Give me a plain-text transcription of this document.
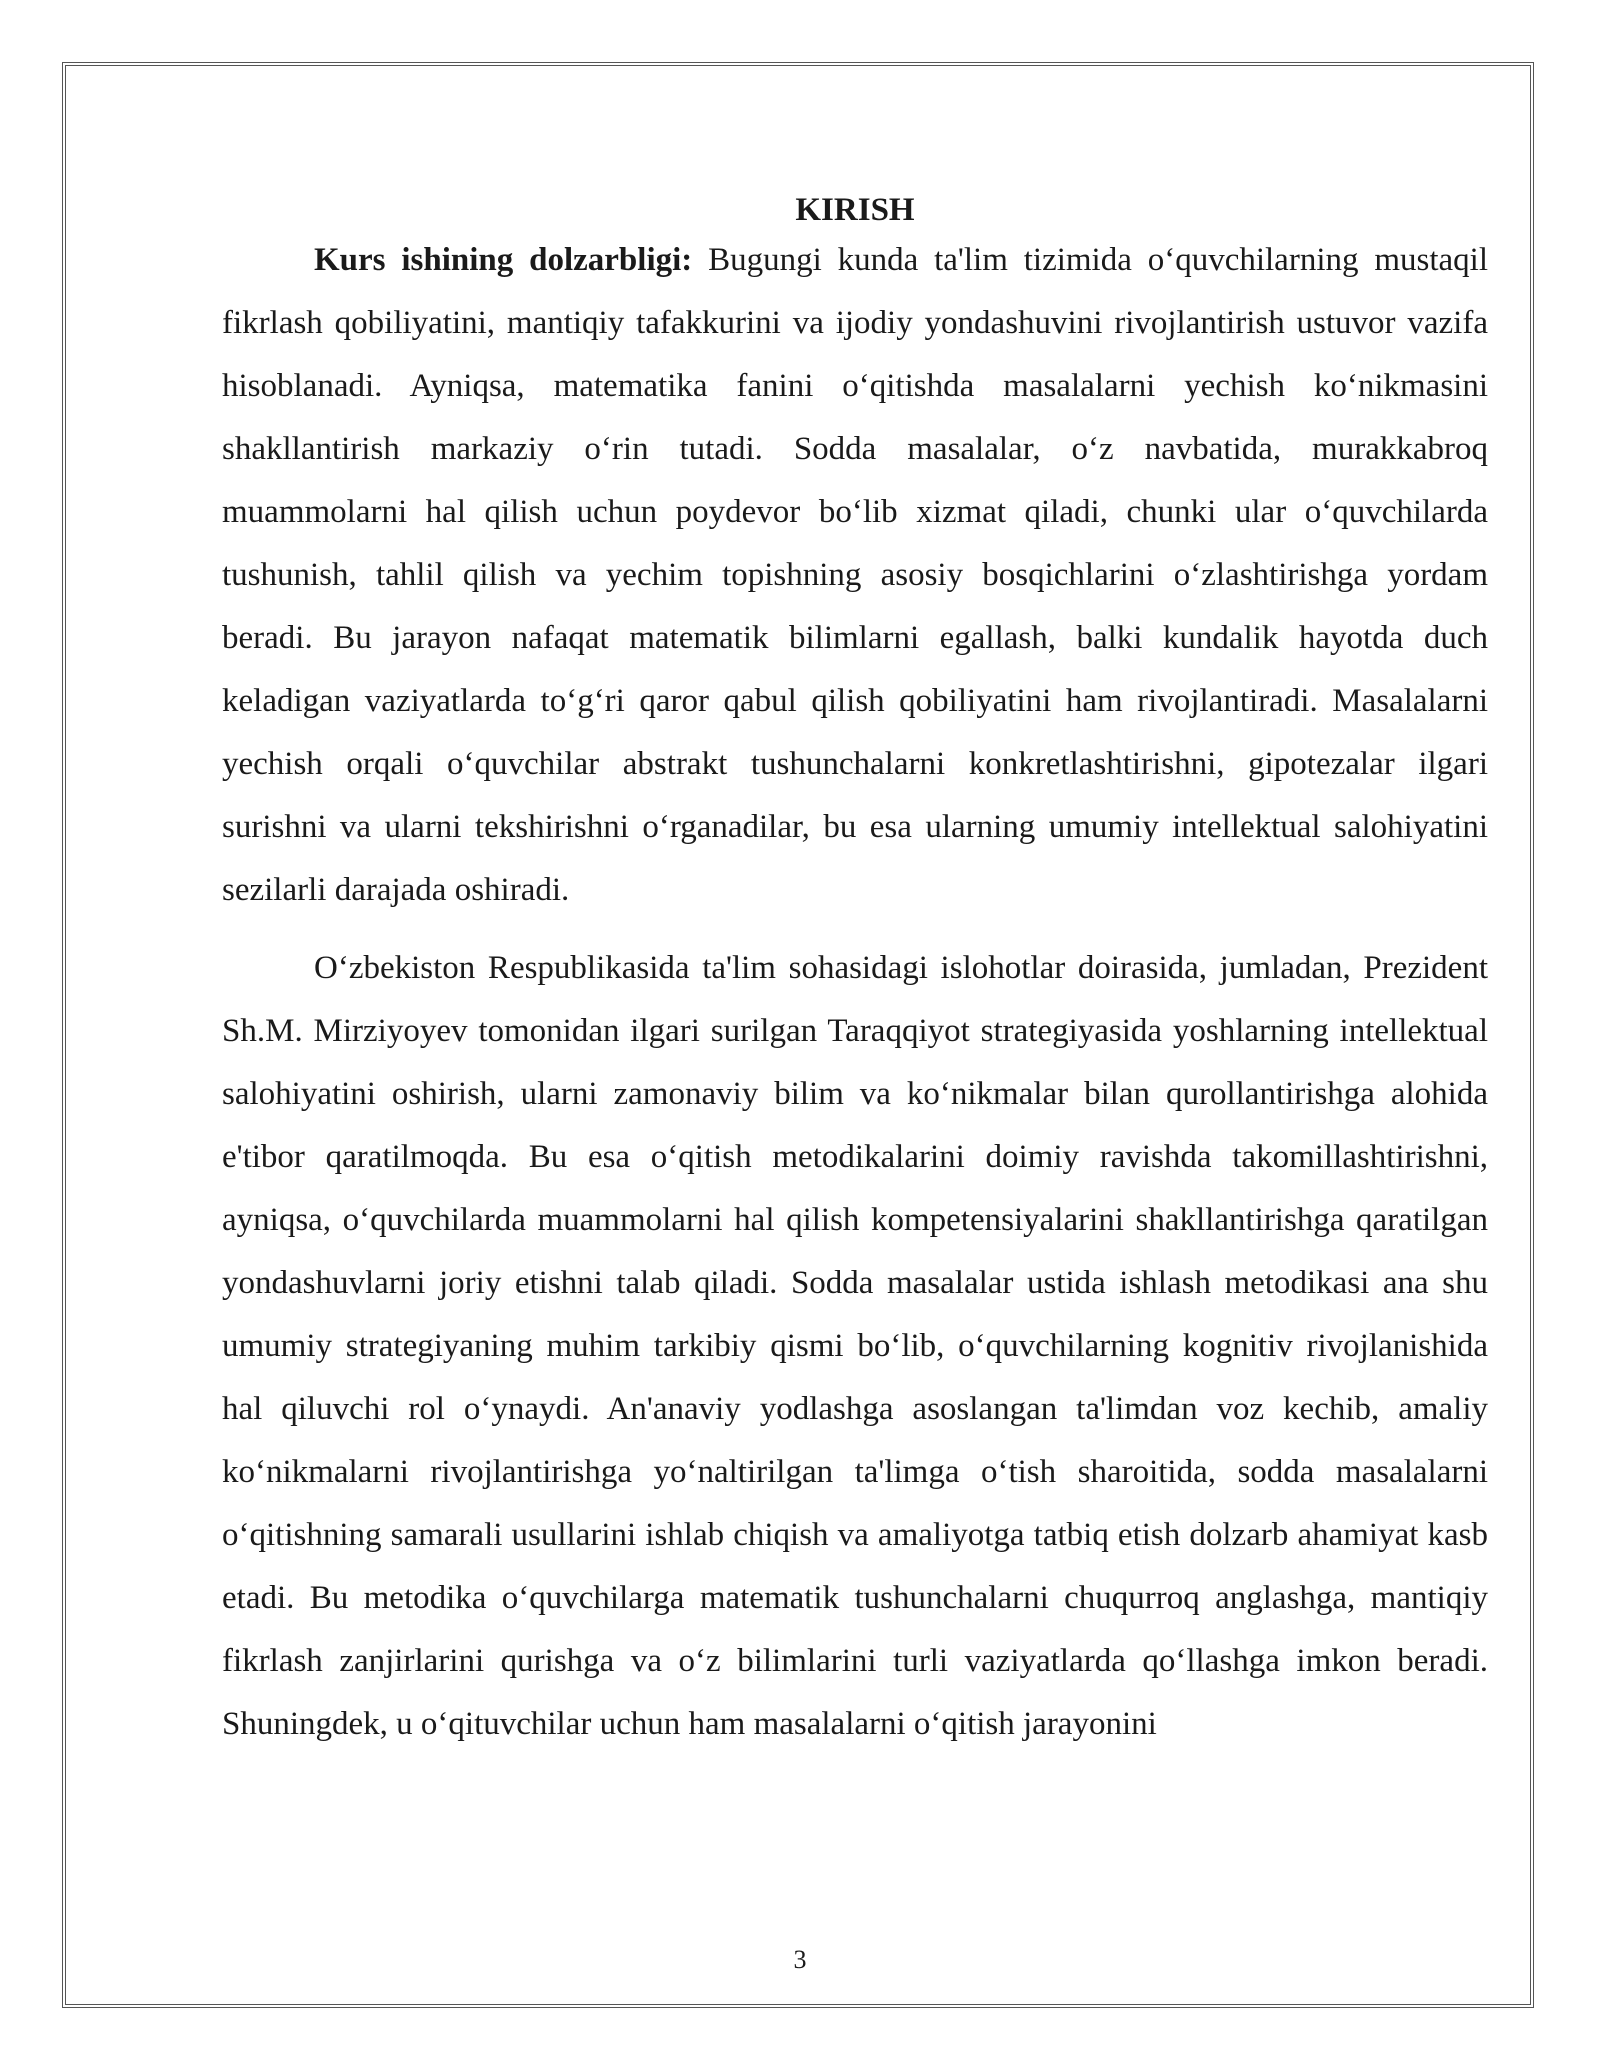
KIRISH

Kurs ishining dolzarbligi: Bugungi kunda ta'lim tizimida o‘quvchilarning mustaqil fikrlash qobiliyatini, mantiqiy tafakkurini va ijodiy yondashuvini rivojlantirish ustuvor vazifa hisoblanadi. Ayniqsa, matematika fanini o‘qitishda masalalarni yechish ko‘nikmasini shakllantirish markaziy o‘rin tutadi. Sodda masalalar, o‘z navbatida, murakkabroq muammolarni hal qilish uchun poydevor bo‘lib xizmat qiladi, chunki ular o‘quvchilarda tushunish, tahlil qilish va yechim topishning asosiy bosqichlarini o‘zlashtirishga yordam beradi. Bu jarayon nafaqat matematik bilimlarni egallash, balki kundalik hayotda duch keladigan vaziyatlarda to‘g‘ri qaror qabul qilish qobiliyatini ham rivojlantiradi. Masalalarni yechish orqali o‘quvchilar abstrakt tushunchalarni konkretlashtirishni, gipotezalar ilgari surishni va ularni tekshirishni o‘rganadilar, bu esa ularning umumiy intellektual salohiyatini sezilarli darajada oshiradi.

O‘zbekiston Respublikasida ta'lim sohasidagi islohotlar doirasida, jumladan, Prezident Sh.M. Mirziyoyev tomonidan ilgari surilgan Taraqqiyot strategiyasida yoshlarning intellektual salohiyatini oshirish, ularni zamonaviy bilim va ko‘nikmalar bilan qurollantirishga alohida e'tibor qaratilmoqda. Bu esa o‘qitish metodikalarini doimiy ravishda takomillashtirishni, ayniqsa, o‘quvchilarda muammolarni hal qilish kompetensiyalarini shakllantirishga qaratilgan yondashuvlarni joriy etishni talab qiladi. Sodda masalalar ustida ishlash metodikasi ana shu umumiy strategiyaning muhim tarkibiy qismi bo‘lib, o‘quvchilarning kognitiv rivojlanishida hal qiluvchi rol o‘ynaydi. An'anaviy yodlashga asoslangan ta'limdan voz kechib, amaliy ko‘nikmalarni rivojlantirishga yo‘naltirilgan ta'limga o‘tish sharoitida, sodda masalalarni o‘qitishning samarali usullarini ishlab chiqish va amaliyotga tatbiq etish dolzarb ahamiyat kasb etadi. Bu metodika o‘quvchilarga matematik tushunchalarni chuqurroq anglashga, mantiqiy fikrlash zanjirlarini qurishga va o‘z bilimlarini turli vaziyatlarda qo‘llashga imkon beradi. Shuningdek, u o‘qituvchilar uchun ham masalalarni o‘qitish jarayonini

3
